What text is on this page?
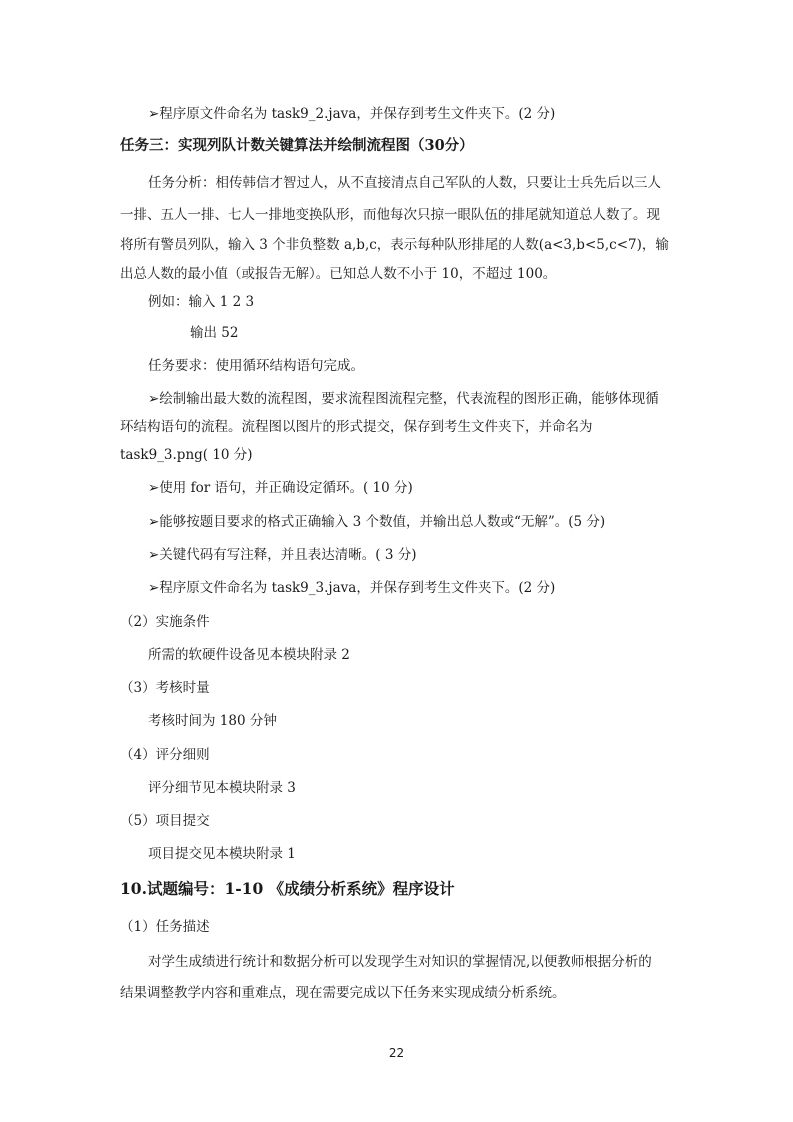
➢程序原文件命名为 task9_2.java，并保存到考生文件夹下。(2 分)
任务三：实现列队计数关键算法并绘制流程图（30分）
任务分析：相传韩信才智过人，从不直接清点自己军队的人数，只要让士兵先后以三人
一排、五人一排、七人一排地变换队形，而他每次只掠一眼队伍的排尾就知道总人数了。现
将所有警员列队，输入 3 个非负整数 a,b,c，表示每种队形排尾的人数(a<3,b<5,c<7)，输
出总人数的最小值（或报告无解）。已知总人数不小于 10，不超过 100。
例如：输入 1 2 3
输出 52
任务要求：使用循环结构语句完成。
➢绘制输出最大数的流程图，要求流程图流程完整，代表流程的图形正确，能够体现循
环结构语句的流程。流程图以图片的形式提交，保存到考生文件夹下，并命名为
task9_3.png( 10 分)
➢使用 for 语句，并正确设定循环。( 10 分)
➢能够按题目要求的格式正确输入 3 个数值，并输出总人数或“无解”。(5 分)
➢关键代码有写注释，并且表达清晰。( 3 分)
➢程序原文件命名为 task9_3.java，并保存到考生文件夹下。(2 分)
（2）实施条件
所需的软硬件设备见本模块附录 2
（3）考核时量
考核时间为 180 分钟
（4）评分细则
评分细节见本模块附录 3
（5）项目提交
项目提交见本模块附录 1
10.试题编号：1-10 《成绩分析系统》程序设计
（1）任务描述
对学生成绩进行统计和数据分析可以发现学生对知识的掌握情况,以便教师根据分析的
结果调整教学内容和重难点，现在需要完成以下任务来实现成绩分析系统。
22
